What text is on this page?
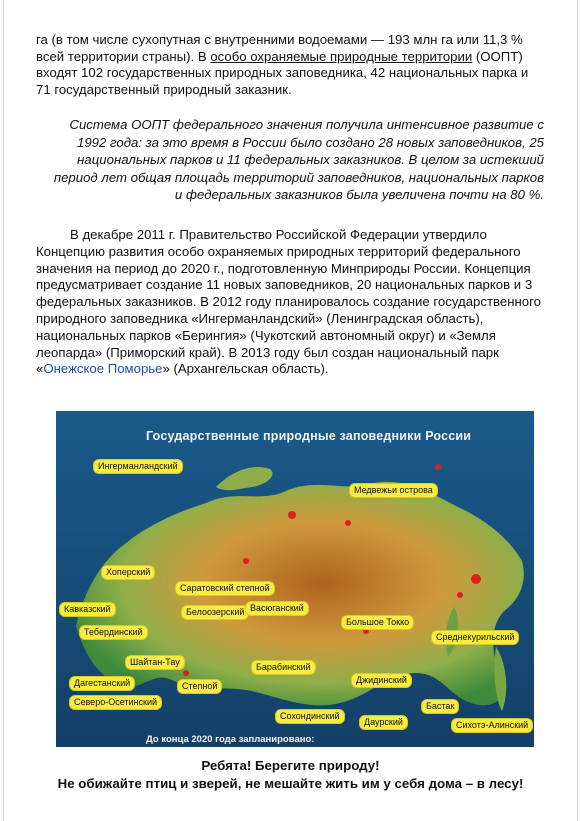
га (в том числе сухопутная с внутренними водоемами — 193 млн га или 11,3 % всей территории страны). В особо охраняемые природные территории (ООПТ) входят 102 государственных природных заповедника, 42 национальных парка и 71 государственный природный заказник.
Система ООПТ федерального значения получила интенсивное развитие с 1992 года: за это время в России было создано 28 новых заповедников, 25 национальных парков и 11 федеральных заказников. В целом за истекший период лет общая площадь территорий заповедников, национальных парков и федеральных заказников была увеличена почти на 80 %.
В декабре 2011 г. Правительство Российской Федерации утвердило Концепцию развития особо охраняемых природных территорий федерального значения на период до 2020 г., подготовленную Минприроды России. Концепция предусматривает создание 11 новых заповедников, 20 национальных парков и 3 федеральных заказников. В 2012 году планировалось создание государственного природного заповедника «Ингерманландский» (Ленинградская область), национальных парков «Берингия» (Чукотский автономный округ) и «Земля леопарда» (Приморский край). В 2013 году был создан национальный парк «Онежское Поморье» (Архангельская область).
Государственные природные заповедники России
Ингерманландский
Медвежьи острова
Хоперский
Саратовский степной
Кавказский	Белоозерский Васюганский
Тебердинский
Большое Токко
Среднекурильский
Шайтан-Тау
Дагестанский	Степной
Барабинский
Джидинский
Северо-Осетинский	Бастак
Сохондинский
Даурский	Сихотэ-Алинский
До конца 2020 года запланировано:
Ребята! Берегите природу!
Не обижайте птиц и зверей, не мешайте жить им у себя дома – в лесу!
